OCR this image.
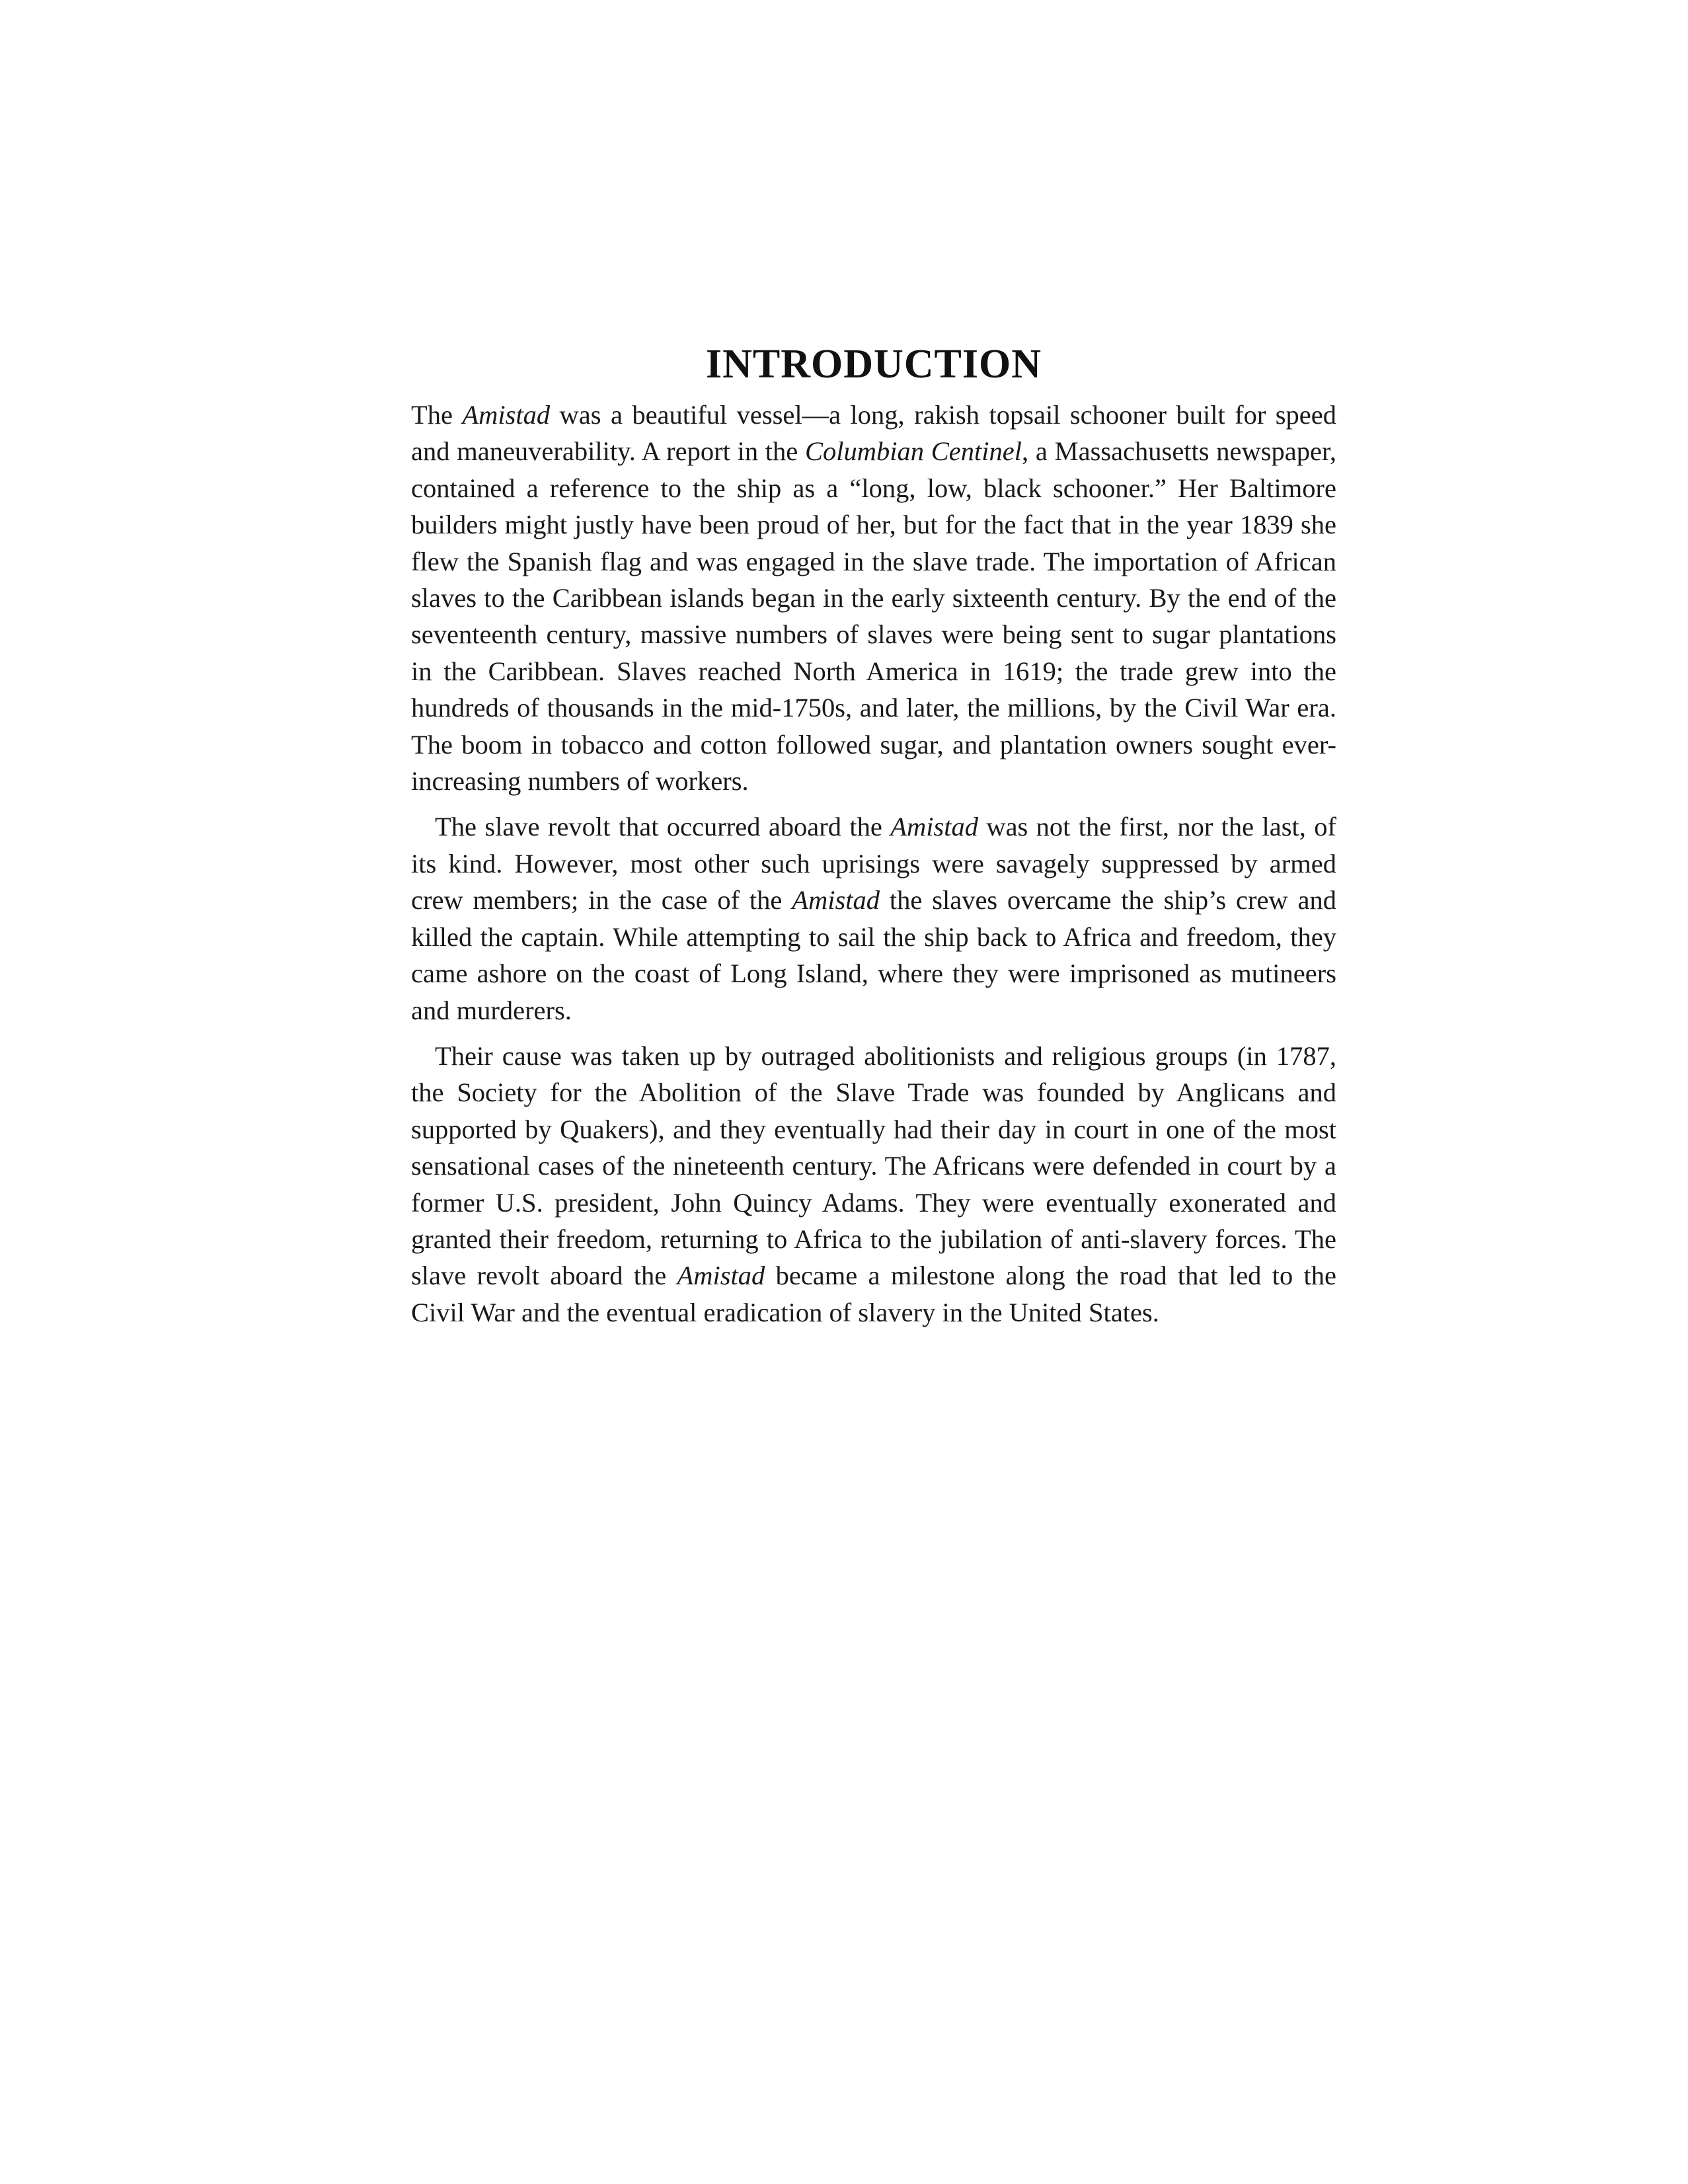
INTRODUCTION

The Amistad was a beautiful vessel—a long, rakish topsail schooner built for speed and maneuverability. A report in the Columbian Centinel, a Massachusetts newspaper, contained a reference to the ship as a “long, low, black schooner.” Her Baltimore builders might justly have been proud of her, but for the fact that in the year 1839 she flew the Spanish flag and was engaged in the slave trade. The importation of African slaves to the Caribbean islands began in the early sixteenth century. By the end of the seventeenth century, massive numbers of slaves were being sent to sugar plantations in the Caribbean. Slaves reached North America in 1619; the trade grew into the hundreds of thousands in the mid-1750s, and later, the millions, by the Civil War era. The boom in tobacco and cotton followed sugar, and plantation owners sought ever-increasing numbers of workers.

The slave revolt that occurred aboard the Amistad was not the first, nor the last, of its kind. However, most other such uprisings were savagely suppressed by armed crew members; in the case of the Amistad the slaves overcame the ship’s crew and killed the captain. While attempting to sail the ship back to Africa and freedom, they came ashore on the coast of Long Island, where they were imprisoned as mutineers and murderers.

Their cause was taken up by outraged abolitionists and religious groups (in 1787, the Society for the Abolition of the Slave Trade was founded by Anglicans and supported by Quakers), and they eventually had their day in court in one of the most sensational cases of the nineteenth century. The Africans were defended in court by a former U.S. president, John Quincy Adams. They were eventually exonerated and granted their freedom, returning to Africa to the jubilation of anti-slavery forces. The slave revolt aboard the Amistad became a milestone along the road that led to the Civil War and the eventual eradication of slavery in the United States.
